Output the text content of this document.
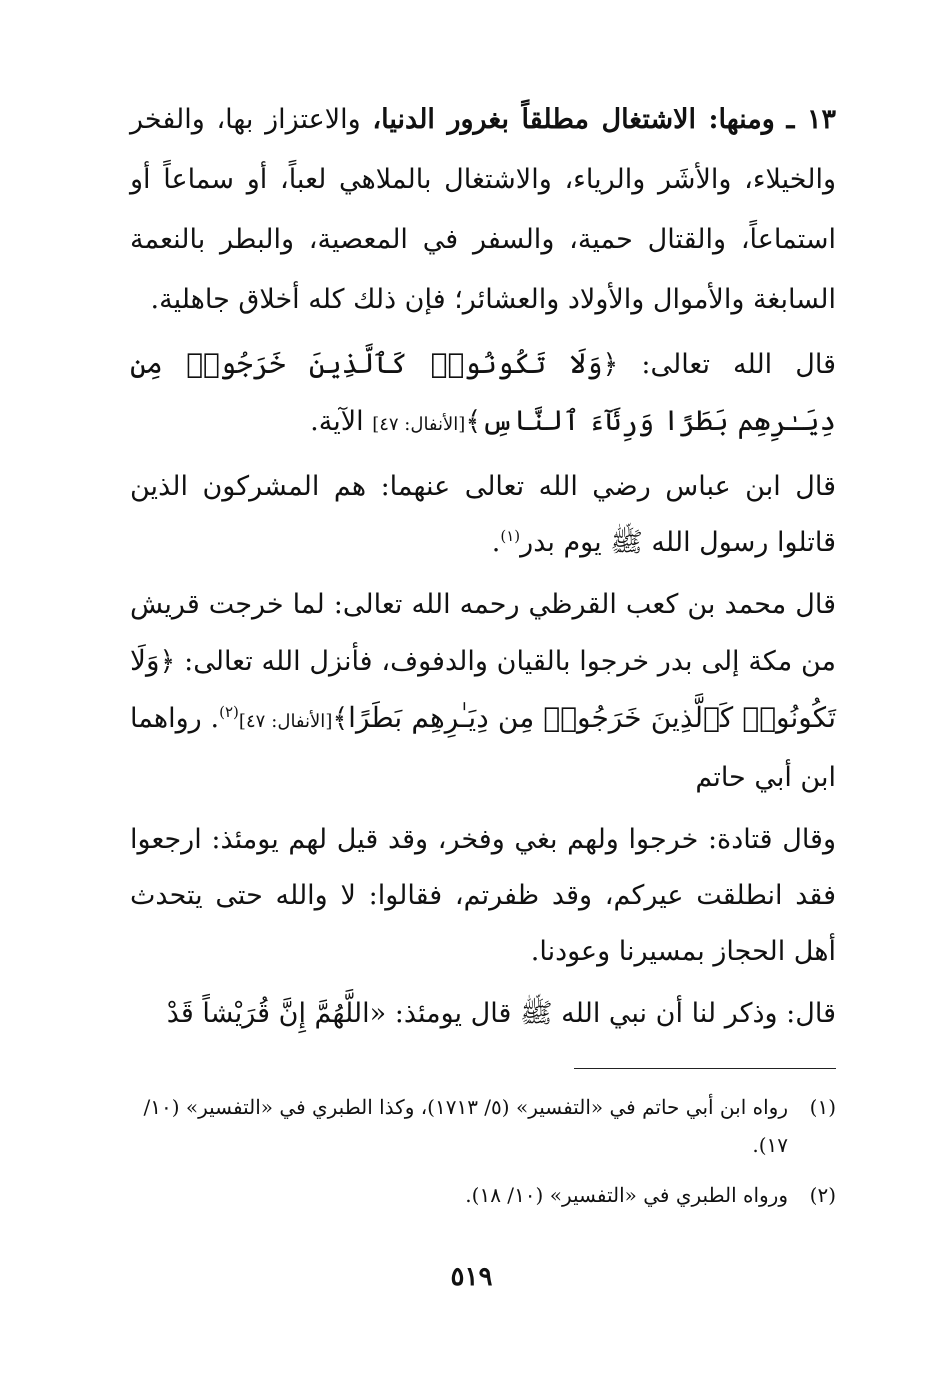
١٣ ـ ومنها: الاشتغال مطلقاً بغرور الدنيا، والاعتزاز بها، والفخر والخيلاء، والأشَر والرياء، والاشتغال بالملاهي لعباً، أو سماعاً أو استماعاً، والقتال حمية، والسفر في المعصية، والبطر بالنعمة السابغة والأموال والأولاد والعشائر؛ فإن ذلك كله أخلاق جاهلية.

قال الله تعالى: ﴿وَلَا تَكُونُوا۟ كَٱلَّذِينَ خَرَجُوا۟ مِن دِيَـٰرِهِم بَطَرًا وَرِئَآءَ ٱلنَّاسِ﴾[الأنفال: ٤٧] الآية.

قال ابن عباس رضي الله تعالى عنهما: هم المشركون الذين قاتلوا رسول الله ﷺ يوم بدر$^{(١)}$.

قال محمد بن كعب القرظي رحمه الله تعالى: لما خرجت قريش من مكة إلى بدر خرجوا بالقيان والدفوف، فأنزل الله تعالى: ﴿وَلَا تَكُونُوا۟ كَٱلَّذِينَ خَرَجُوا۟ مِن دِيَـٰرِهِم بَطَرًا﴾[الأنفال: ٤٧]$^{(٢)}$. رواهما ابن أبي حاتم

وقال قتادة: خرجوا ولهم بغي وفخر، وقد قيل لهم يومئذ: ارجعوا فقد انطلقت عيركم، وقد ظفرتم، فقالوا: لا والله حتى يتحدث أهل الحجاز بمسيرنا وعودنا.

قال: وذكر لنا أن نبي الله ﷺ قال يومئذ: «اللَّهُمَّ إِنَّ قُرَيْشاً قَدْ

(١)
رواه ابن أبي حاتم في «التفسير» (٥/ ١٧١٣)، وكذا الطبري في «التفسير» (١٠/ ١٧).
(٢)
ورواه الطبري في «التفسير» (١٠/ ١٨).
٥١٩
